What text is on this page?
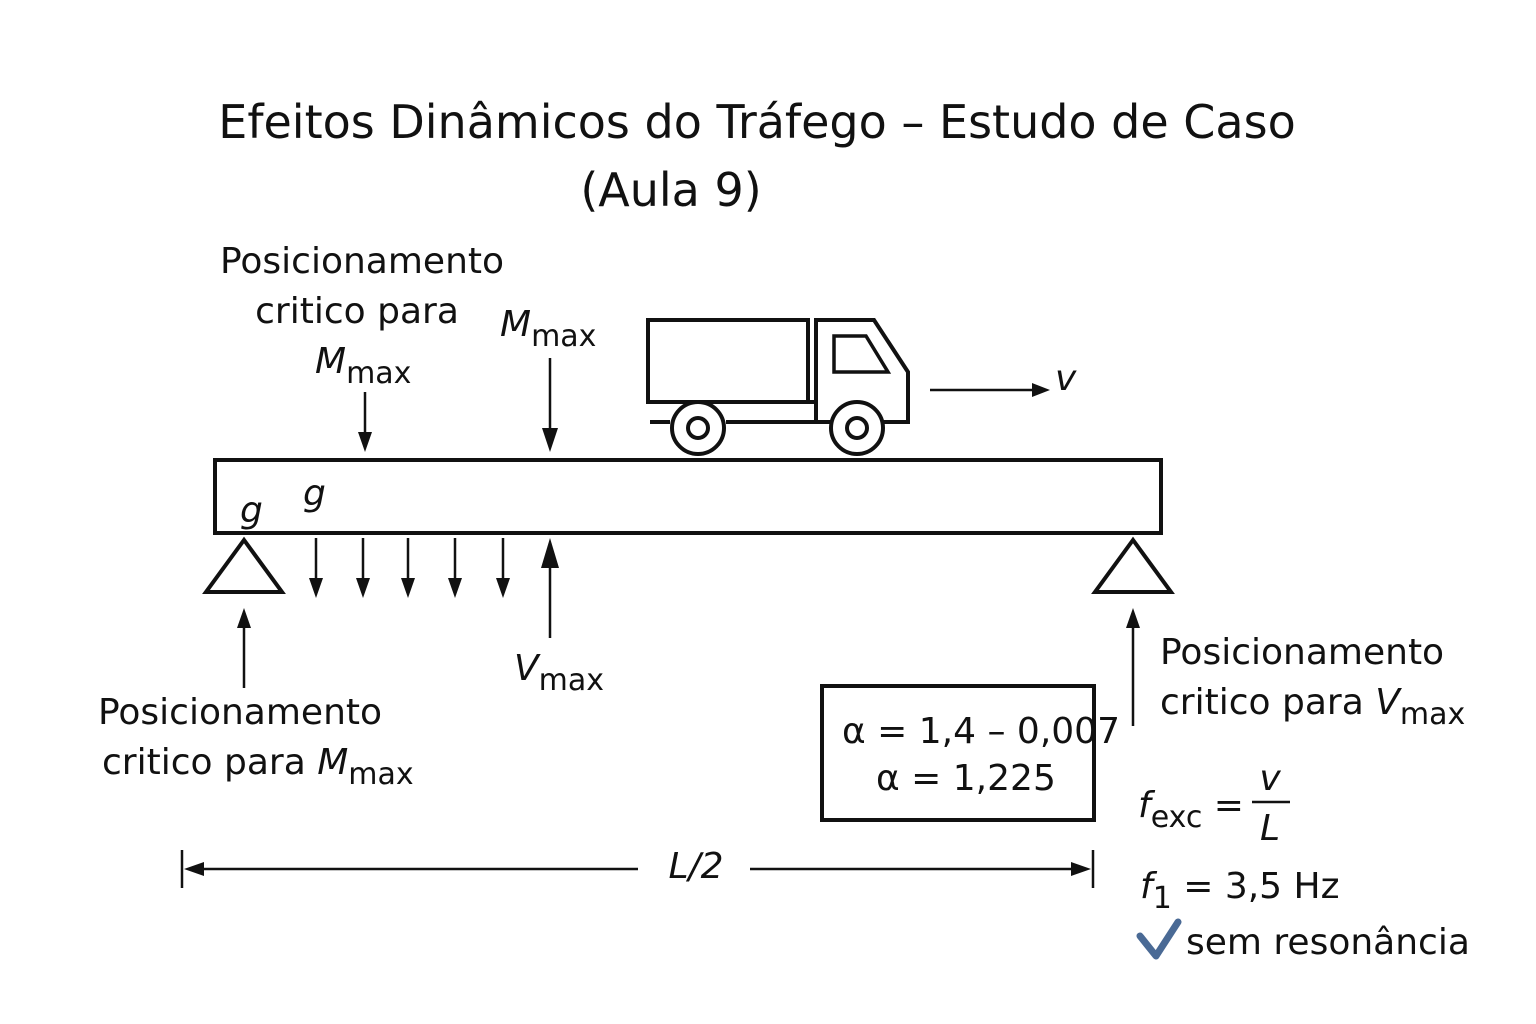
Efeitos Dinâmicos do Tráfego – Estudo de Caso
(Aula 9)
Posicionamento
critico para
$M_{max}$
$M_{max}$
v
g g
$V_{max}$
Posicionamento
critico para $M_{max}$
Posicionamento
critico para $V_{max}$
α = 1,4 – 0,007
α = 1,225
$f_{exc}$ =
v
L
$f_1 = 3,5$ Hz
sem resonância
L/2
